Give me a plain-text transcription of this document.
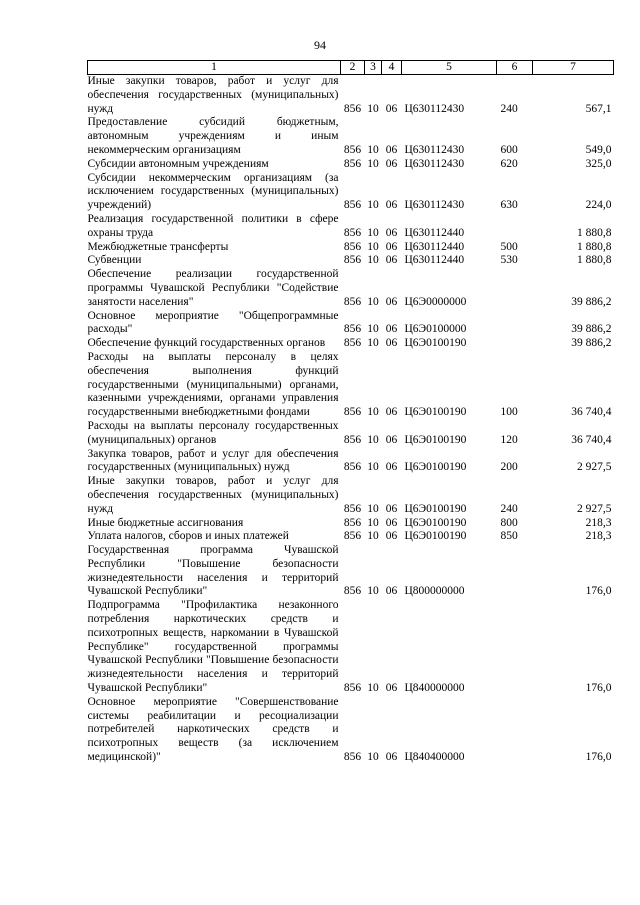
94
1	2	3	4	5	6	7
Иные закупки товаров, работ и услуг для обеспечения государственных (муниципальных) нужд	856	10	06	Ц630112430	240	567,1
Предоставление субсидий бюджетным, автономным учреждениям и иным некоммерческим организациям	856	10	06	Ц630112430	600	549,0
Субсидии автономным учреждениям	856	10	06	Ц630112430	620	325,0
Субсидии некоммерческим организациям (за исключением государственных (муниципальных) учреждений)	856	10	06	Ц630112430	630	224,0
Реализация государственной политики в сфере охраны труда	856	10	06	Ц630112440		1 880,8
Межбюджетные трансферты	856	10	06	Ц630112440	500	1 880,8
Субвенции	856	10	06	Ц630112440	530	1 880,8
Обеспечение реализации государственной программы Чувашской Республики "Содействие занятости населения"	856	10	06	Ц6Э0000000		39 886,2
Основное мероприятие "Общепрограммные расходы"	856	10	06	Ц6Э0100000		39 886,2
Обеспечение функций государственных органов	856	10	06	Ц6Э0100190		39 886,2
Расходы на выплаты персоналу в целях обеспечения выполнения функций государственными (муниципальными) органами, казенными учреждениями, органами управления государственными внебюджетными фондами	856	10	06	Ц6Э0100190	100	36 740,4
Расходы на выплаты персоналу государственных (муниципальных) органов	856	10	06	Ц6Э0100190	120	36 740,4
Закупка товаров, работ и услуг для обеспечения государственных (муниципальных) нужд	856	10	06	Ц6Э0100190	200	2 927,5
Иные закупки товаров, работ и услуг для обеспечения государственных (муниципальных) нужд	856	10	06	Ц6Э0100190	240	2 927,5
Иные бюджетные ассигнования	856	10	06	Ц6Э0100190	800	218,3
Уплата налогов, сборов и иных платежей	856	10	06	Ц6Э0100190	850	218,3
Государственная программа Чувашской Республики "Повышение безопасности жизнедеятельности населения и территорий Чувашской Республики"	856	10	06	Ц800000000		176,0
Подпрограмма "Профилактика незаконного потребления наркотических средств и психотропных веществ, наркомании в Чувашской Республике" государственной программы Чувашской Республики "Повышение безопасности жизнедеятельности населения и территорий Чувашской Республики"	856	10	06	Ц840000000		176,0
Основное мероприятие "Совершенствование системы реабилитации и ресоциализации потребителей наркотических средств и психотропных веществ (за исключением медицинской)"	856	10	06	Ц840400000		176,0
